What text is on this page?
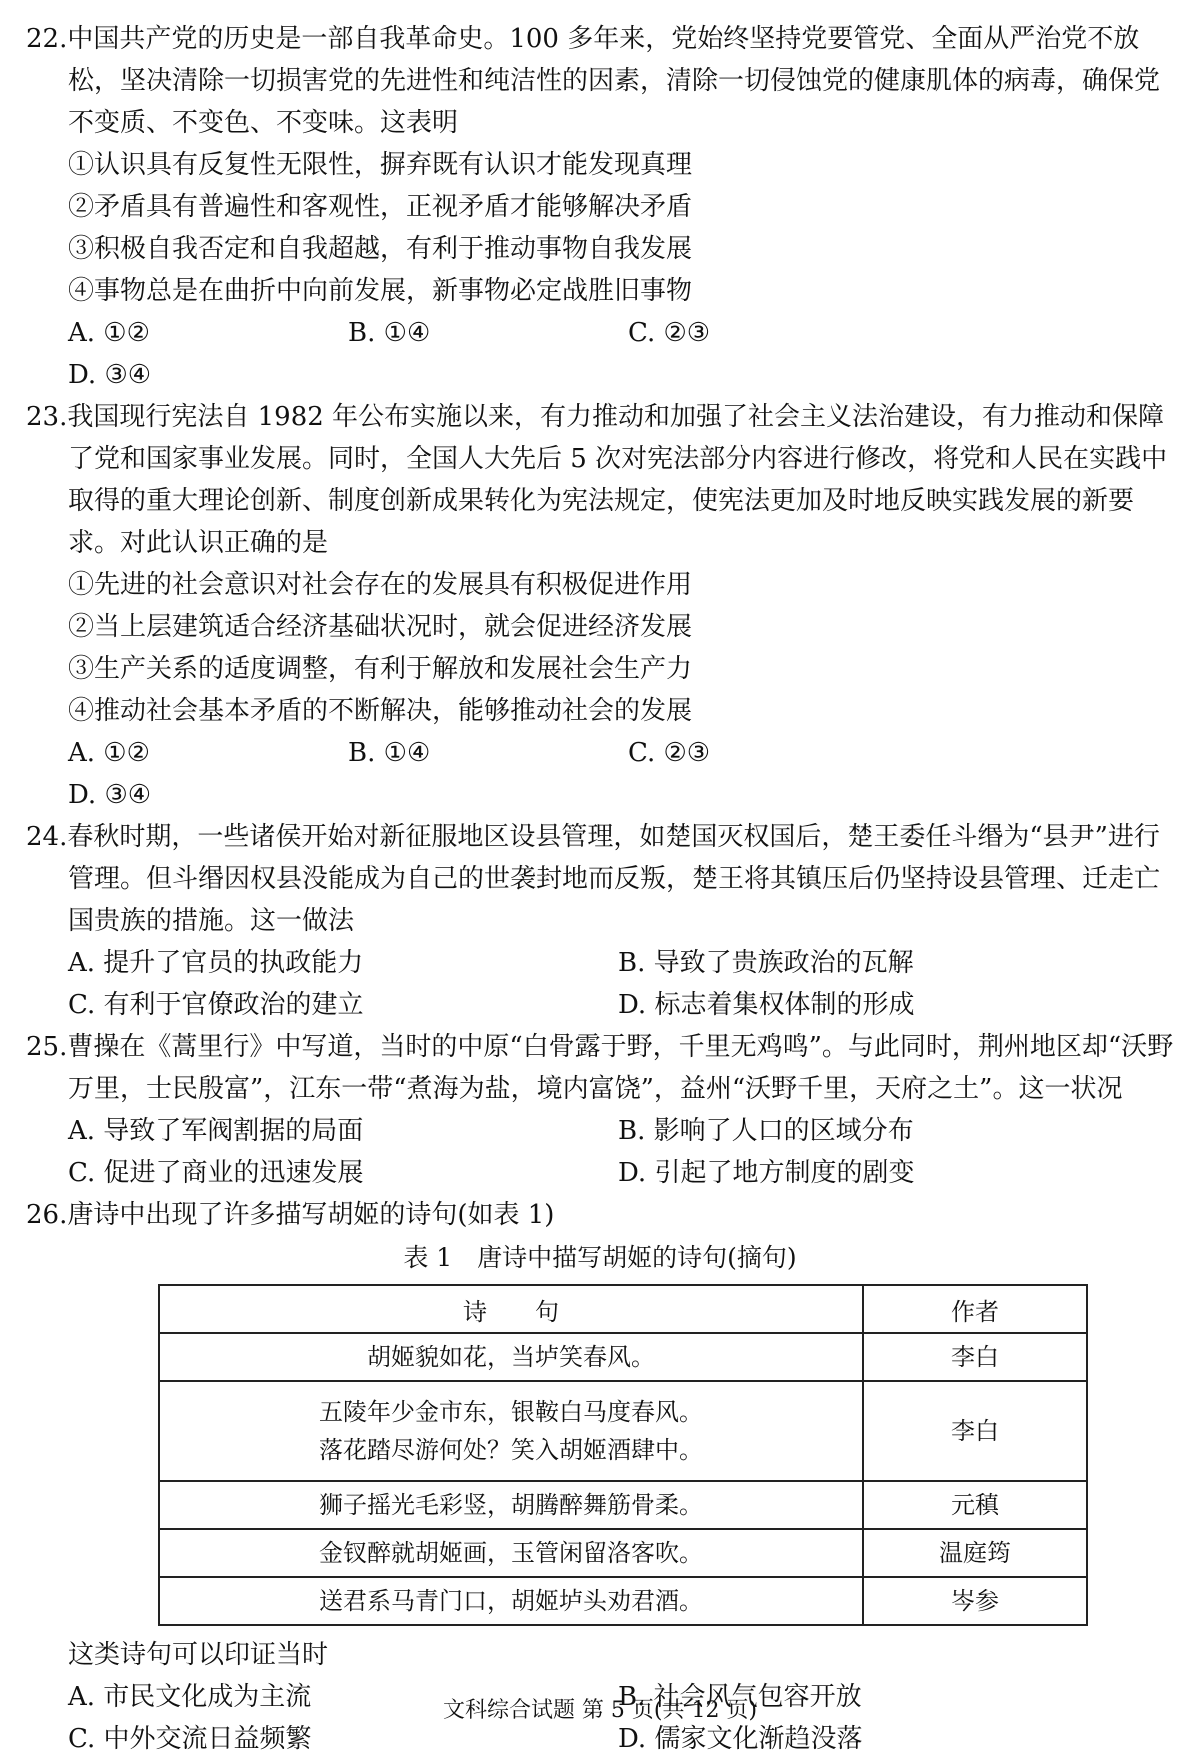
22.中国共产党的历史是一部自我革命史。100 多年来，党始终坚持党要管党、全面从严治党不放松，坚决清除一切损害党的先进性和纯洁性的因素，清除一切侵蚀党的健康肌体的病毒，确保党不变质、不变色、不变味。这表明
①认识具有反复性无限性，摒弃既有认识才能发现真理
②矛盾具有普遍性和客观性，正视矛盾才能够解决矛盾
③积极自我否定和自我超越，有利于推动事物自我发展
④事物总是在曲折中向前发展，新事物必定战胜旧事物
A. ①②	B. ①④	C. ②③
D. ③④
23.我国现行宪法自 1982 年公布实施以来，有力推动和加强了社会主义法治建设，有力推动和保障了党和国家事业发展。同时，全国人大先后 5 次对宪法部分内容进行修改，将党和人民在实践中取得的重大理论创新、制度创新成果转化为宪法规定，使宪法更加及时地反映实践发展的新要求。对此认识正确的是
①先进的社会意识对社会存在的发展具有积极促进作用
②当上层建筑适合经济基础状况时，就会促进经济发展
③生产关系的适度调整，有利于解放和发展社会生产力
④推动社会基本矛盾的不断解决，能够推动社会的发展
A. ①②	B. ①④	C. ②③
D. ③④
24.春秋时期，一些诸侯开始对新征服地区设县管理，如楚国灭权国后，楚王委任斗缗为“县尹”进行管理。但斗缗因权县没能成为自己的世袭封地而反叛，楚王将其镇压后仍坚持设县管理、迁走亡国贵族的措施。这一做法
A. 提升了官员的执政能力	B. 导致了贵族政治的瓦解
C. 有利于官僚政治的建立	D. 标志着集权体制的形成
25.曹操在《蒿里行》中写道，当时的中原“白骨露于野，千里无鸡鸣”。与此同时，荆州地区却“沃野万里，士民殷富”，江东一带“煮海为盐，境内富饶”，益州“沃野千里，天府之土”。这一状况
A. 导致了军阀割据的局面	B. 影响了人口的区域分布
C. 促进了商业的迅速发展	D. 引起了地方制度的剧变
26.唐诗中出现了许多描写胡姬的诗句(如表 1)
表 1　唐诗中描写胡姬的诗句(摘句)
诗　　句	作者
胡姬貌如花，当垆笑春风。	李白

五陵年少金市东，银鞍白马度春风。
落花踏尽游何处？笑入胡姬酒肆中。	李白
狮子摇光毛彩竖，胡腾醉舞筋骨柔。	元稹
金钗醉就胡姬画，玉管闲留洛客吹。	温庭筠
送君系马青门口，胡姬垆头劝君酒。	岑参
这类诗句可以印证当时
A. 市民文化成为主流	B. 社会风气包容开放
C. 中外交流日益频繁	D. 儒家文化渐趋没落
文科综合试题 第 5 页(共 12 页)
